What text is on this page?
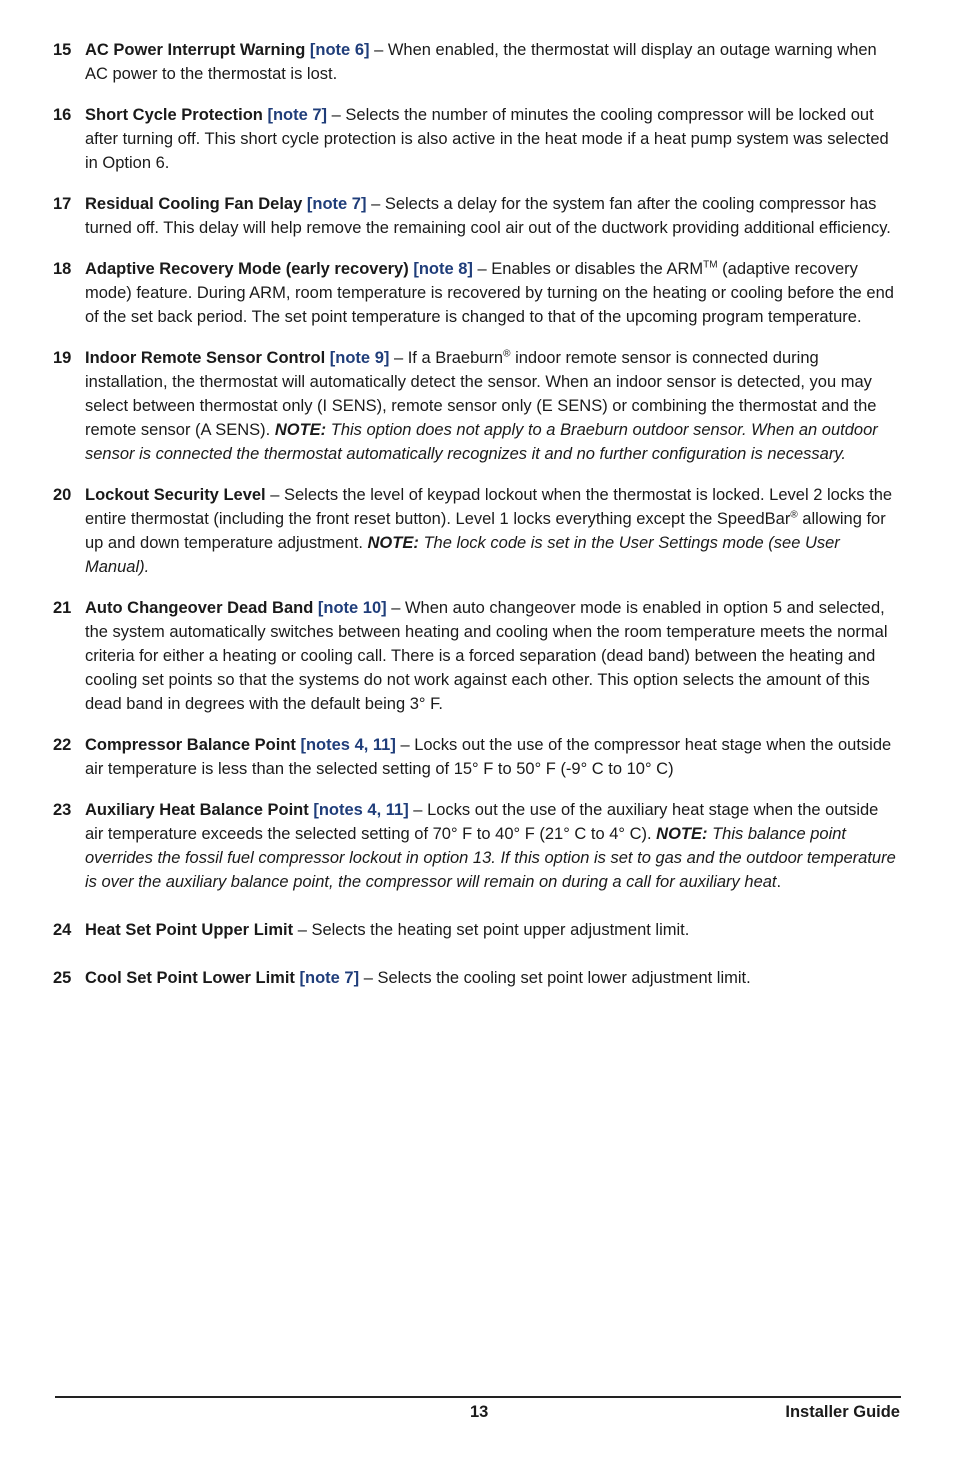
15 AC Power Interrupt Warning [note 6] – When enabled, the thermostat will display an outage warning when AC power to the thermostat is lost.
16 Short Cycle Protection [note 7] – Selects the number of minutes the cooling compressor will be locked out after turning off. This short cycle protection is also active in the heat mode if a heat pump system was selected in Option 6.
17 Residual Cooling Fan Delay [note 7] – Selects a delay for the system fan after the cooling compressor has turned off. This delay will help remove the remaining cool air out of the ductwork providing additional efficiency.
18 Adaptive Recovery Mode (early recovery) [note 8] – Enables or disables the ARM™ (adaptive recovery mode) feature. During ARM, room temperature is recovered by turning on the heating or cooling before the end of the set back period. The set point temperature is changed to that of the upcoming program temperature.
19 Indoor Remote Sensor Control [note 9] – If a Braeburn® indoor remote sensor is connected during installation, the thermostat will automatically detect the sensor. When an indoor sensor is detected, you may select between thermostat only (I SENS), remote sensor only (E SENS) or combining the thermostat and the remote sensor (A SENS). NOTE: This option does not apply to a Braeburn outdoor sensor. When an outdoor sensor is connected the thermostat automatically recognizes it and no further configuration is necessary.
20 Lockout Security Level – Selects the level of keypad lockout when the thermostat is locked. Level 2 locks the entire thermostat (including the front reset button). Level 1 locks everything except the SpeedBar® allowing for up and down temperature adjustment. NOTE: The lock code is set in the User Settings mode (see User Manual).
21 Auto Changeover Dead Band [note 10] – When auto changeover mode is enabled in option 5 and selected, the system automatically switches between heating and cooling when the room temperature meets the normal criteria for either a heating or cooling call. There is a forced separation (dead band) between the heating and cooling set points so that the systems do not work against each other. This option selects the amount of this dead band in degrees with the default being 3° F.
22 Compressor Balance Point [notes 4, 11] – Locks out the use of the compressor heat stage when the outside air temperature is less than the selected setting of 15° F to 50° F (-9° C to 10° C)
23 Auxiliary Heat Balance Point [notes 4, 11] – Locks out the use of the auxiliary heat stage when the outside air temperature exceeds the selected setting of 70° F to 40° F (21° C to 4° C). NOTE: This balance point overrides the fossil fuel compressor lockout in option 13. If this option is set to gas and the outdoor temperature is over the auxiliary balance point, the compressor will remain on during a call for auxiliary heat.
24 Heat Set Point Upper Limit – Selects the heating set point upper adjustment limit.
25 Cool Set Point Lower Limit [note 7] – Selects the cooling set point lower adjustment limit.
13	Installer Guide
